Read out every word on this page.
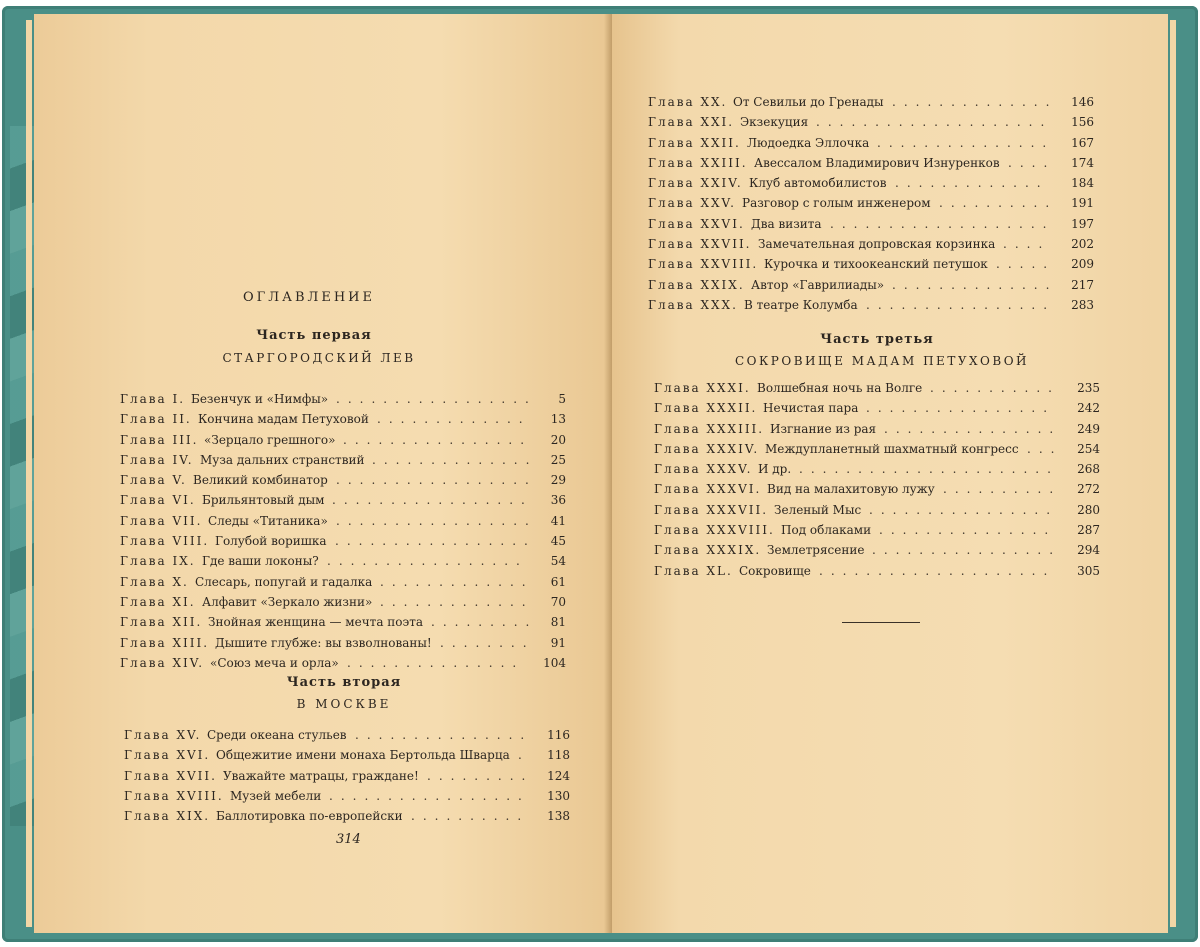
ОГЛАВЛЕНИЕ
Часть первая
СТАРГОРОДСКИЙ ЛЕВ
Глава I. Безенчук и «Нимфы» .................	5
Глава II. Кончина мадам Петуховой .............	13
Глава III. «Зерцало грешного» ................	20
Глава IV. Муза дальних странствий .............. 25
Глава V. Великий комбинатор .................	29
Глава VI. Брильянтовый дым .................	36
Глава VII. Следы «Титаника» .................	41
Глава VIII. Голубой воришка .................	45
Глава IX. Где ваши локоны? .................	54
Глава X. Слесарь, попугай и гадалка .............	61
Глава XI. Алфавит «Зеркало жизни» .............	70
Глава XII. Знойная женщина — мечта поэта .........	81
Глава XIII. Дышите глубже: вы взволнованы! ........	91
Глава XIV. «Союз меча и орла» ...............	104
Часть вторая
В МОСКВЕ
Глава XV. Среди океана стульев ...............	116
Глава XVI. Общежитие имени монаха Бертольда Шварца .	118
Глава XVII. Уважайте матрацы, граждане! .........	124
Глава XVIII. Музей мебели .................	130
Глава XIX. Баллотировка по-европейски ..........	138
314
Глава XX. От Севильи до Гренады .............. 146
Глава XXI. Экзекуция ....................	156
Глава XXII. Людоедка Эллочка ...............	167
Глава XXIII. Авессалом Владимирович Изнуренков ....	174
Глава XXIV. Клуб автомобилистов .............	184
Глава XXV. Разговор с голым инженером ..........	191
Глава XXVI. Два визита ...................	197
Глава XXVII. Замечательная допровская корзинка ....	202
Глава XXVIII. Курочка и тихоокеанский петушок .....	209
Глава XXIX. Автор «Гаврилиады» .............. 217
Глава XXX. В театре Колумба ................	283
Часть третья
СОКРОВИЩЕ МАДАМ ПЕТУХОВОЙ
Глава XXXI. Волшебная ночь на Волге ...........	235
Глава XXXII. Нечистая пара ................	242
Глава XXXIII. Изгнание из рая ...............	249
Глава XXXIV. Междупланетный шахматный конгресс ...	254
Глава XXXV. И др. ......................	268
Глава XXXVI. Вид на малахитовую лужу ..........	272
Глава XXXVII. Зеленый Мыс ................	280
Глава XXXVIII. Под облаками ...............	287
Глава XXXIX. Землетрясение ................	294
Глава XL. Сокровище ....................	305
